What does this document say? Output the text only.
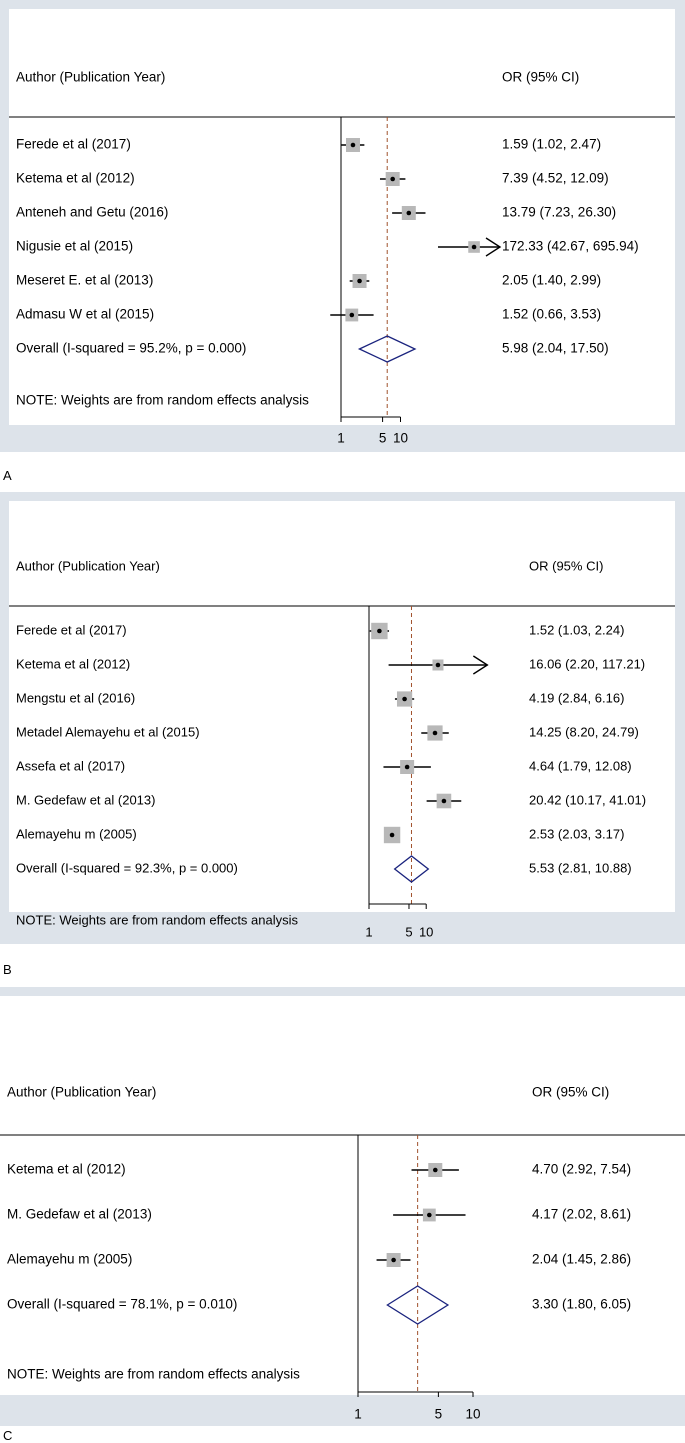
Author (Publication Year)	OR (95% CI)
Ferede et al (2017)	1.59 (1.02, 2.47)
Ketema et al (2012)	7.39 (4.52, 12.09)
Anteneh and Getu (2016)	13.79 (7.23, 26.30)
Nigusie et al (2015)	172.33 (42.67, 695.94)
Meseret E. et al (2013)	2.05 (1.40, 2.99)
Admasu W et al (2015)	1.52 (0.66, 3.53)
Overall (I-squared = 95.2%, p = 0.000)	5.98 (2.04, 17.50)
NOTE: Weights are from random effects analysis
1	5 10
A
Author (Publication Year)	OR (95% CI)
Ferede et al (2017)	1.52 (1.03, 2.24)
Ketema et al (2012)	16.06 (2.20, 117.21)
Mengstu et al (2016)	4.19 (2.84, 6.16)
Metadel Alemayehu et al (2015)	14.25 (8.20, 24.79)
Assefa et al (2017)	4.64 (1.79, 12.08)
M. Gedefaw et al (2013)	20.42 (10.17, 41.01)
Alemayehu m (2005)	2.53 (2.03, 3.17)
Overall (I-squared = 92.3%, p = 0.000)	5.53 (2.81, 10.88)
NOTE: Weights are from random effects analysis
1	5 10
B
Author (Publication Year)	OR (95% CI)
Ketema et al (2012)	4.70 (2.92, 7.54)
M. Gedefaw et al (2013)	4.17 (2.02, 8.61)
Alemayehu m (2005)	2.04 (1.45, 2.86)
Overall (I-squared = 78.1%, p = 0.010)	3.30 (1.80, 6.05)
NOTE: Weights are from random effects analysis
1	5 10
C
